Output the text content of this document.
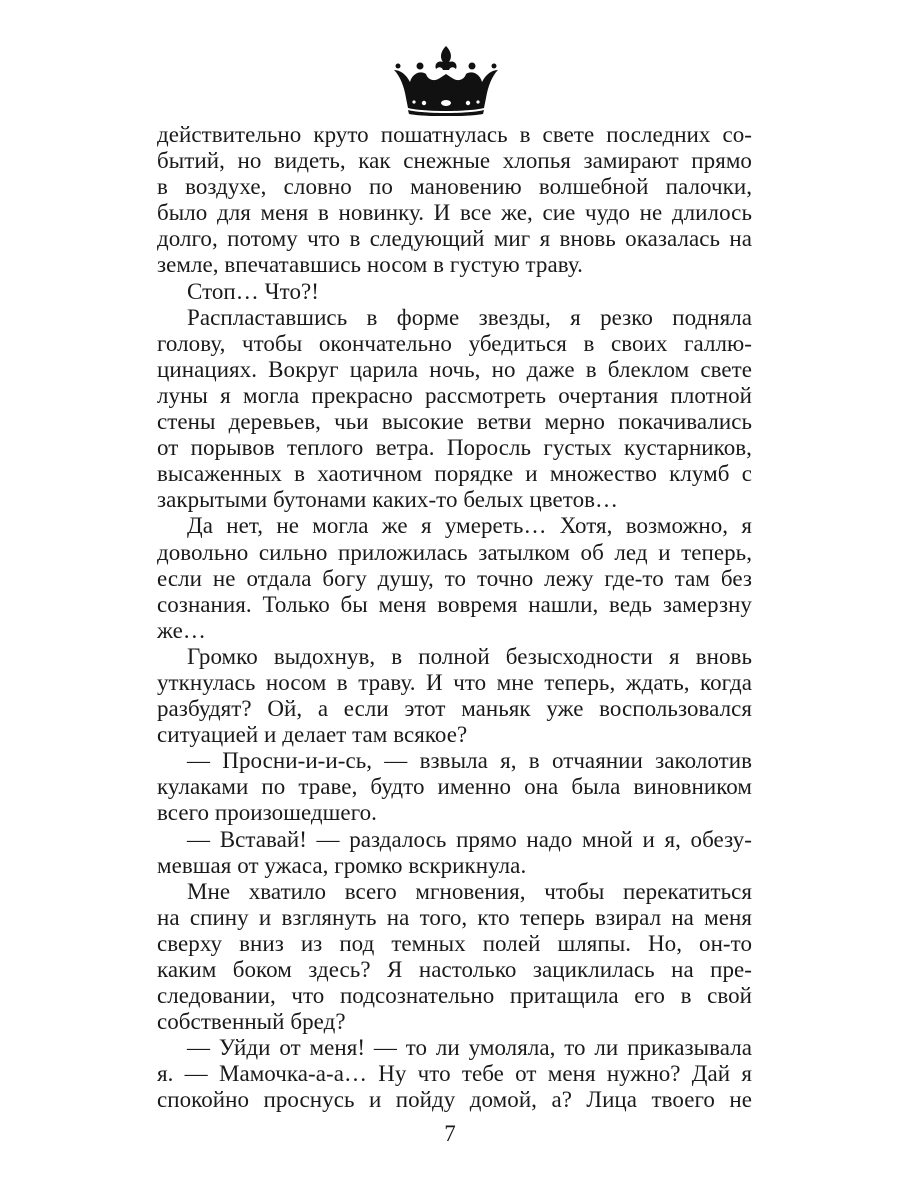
действительно круто пошатнулась в свете последних со-
бытий, но видеть, как снежные хлопья замирают прямо
в воздухе, словно по мановению волшебной палочки,
было для меня в новинку. И все же, сие чудо не длилось
долго, потому что в следующий миг я вновь оказалась на
земле, впечатавшись носом в густую траву.
Стоп… Что?!
Распластавшись в форме звезды, я резко подняла
голову, чтобы окончательно убедиться в своих галлю-
цинациях. Вокруг царила ночь, но даже в блеклом свете
луны я могла прекрасно рассмотреть очертания плотной
стены деревьев, чьи высокие ветви мерно покачивались
от порывов теплого ветра. Поросль густых кустарников,
высаженных в хаотичном порядке и множество клумб с
закрытыми бутонами каких-то белых цветов…
Да нет, не могла же я умереть… Хотя, возможно, я
довольно сильно приложилась затылком об лед и теперь,
если не отдала богу душу, то точно лежу где-то там без
сознания. Только бы меня вовремя нашли, ведь замерзну
же…
Громко выдохнув, в полной безысходности я вновь
уткнулась носом в траву. И что мне теперь, ждать, когда
разбудят? Ой, а если этот маньяк уже воспользовался
ситуацией и делает там всякое?
— Просни-и-и-сь, — взвыла я, в отчаянии заколотив
кулаками по траве, будто именно она была виновником
всего произошедшего.
— Вставай! — раздалось прямо надо мной и я, обезу-
мевшая от ужаса, громко вскрикнула.
Мне хватило всего мгновения, чтобы перекатиться
на спину и взглянуть на того, кто теперь взирал на меня
сверху вниз из под темных полей шляпы. Но, он-то
каким боком здесь? Я настолько зациклилась на пре-
следовании, что подсознательно притащила его в свой
собственный бред?
— Уйди от меня! — то ли умоляла, то ли приказывала
я. — Мамочка-а-а… Ну что тебе от меня нужно? Дай я
спокойно проснусь и пойду домой, а? Лица твоего не
7
